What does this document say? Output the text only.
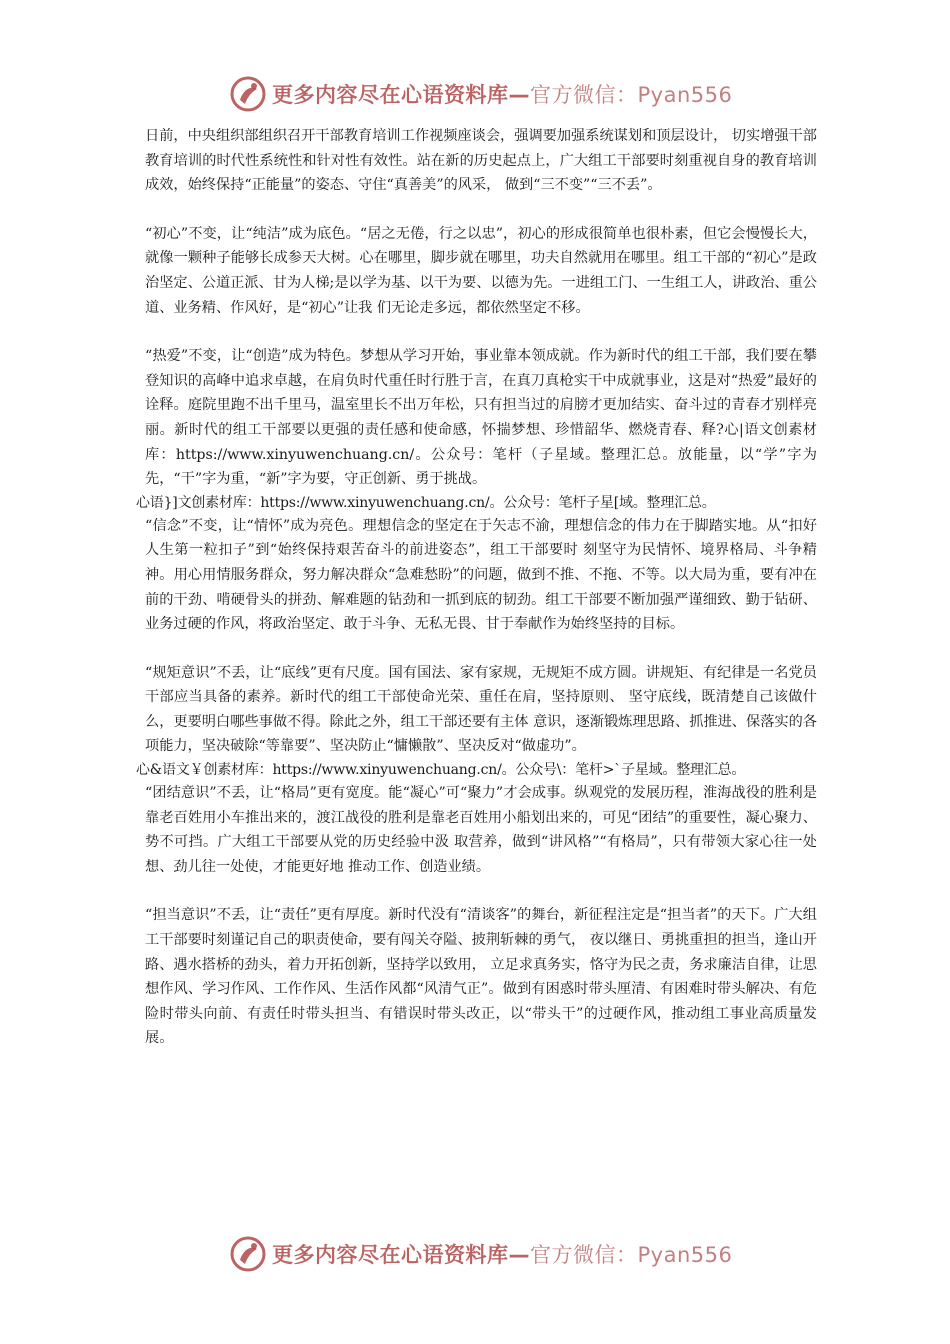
更多内容尽在心语资料库—官方微信：Pyan556

日前，中央组织部组织召开干部教育培训工作视频座谈会，强调要加强系统谋划和顶层设计， 切实增强干部教育培训的时代性系统性和针对性有效性。站在新的历史起点上，广大组工干部要时刻重视自身的教育培训成效，始终保持“正能量”的姿态、守住“真善美”的风采， 做到“三不变”“三不丢”。

“初心”不变，让“纯洁”成为底色。“居之无倦，行之以忠”，初心的形成很简单也很朴素，但它会慢慢长大，就像一颗种子能够长成参天大树。心在哪里，脚步就在哪里，功夫自然就用在哪里。组工干部的“初心”是政治坚定、公道正派、甘为人梯;是以学为基、以干为要、以德为先。一进组工门、一生组工人，讲政治、重公道、业务精、作风好，是“初心”让我 们无论走多远，都依然坚定不移。

“热爱”不变，让“创造”成为特色。梦想从学习开始，事业靠本领成就。作为新时代的组工干部，我们要在攀登知识的高峰中追求卓越，在肩负时代重任时行胜于言，在真刀真枪实干中成就事业，这是对“热爱”最好的诠释。庭院里跑不出千里马，温室里长不出万年松，只有担当过的肩膀才更加结实、奋斗过的青春才别样亮丽。新时代的组工干部要以更强的责任感和使命感，怀揣梦想、珍惜韶华、燃烧青春、释?心|语文创素材库：https://www.xinyuwenchuang.cn/。公众号：笔杆（子星域。整理汇总。放能量，以“学”字为先，“干”字为重，“新”字为要，守正创新、勇于挑战。

心语}]文创素材库：https://www.xinyuwenchuang.cn/。公众号：笔杆子星[域。整理汇总。

“信念”不变，让“情怀”成为亮色。理想信念的坚定在于矢志不渝，理想信念的伟力在于脚踏实地。从“扣好人生第一粒扣子”到“始终保持艰苦奋斗的前进姿态”，组工干部要时 刻坚守为民情怀、境界格局、斗争精神。用心用情服务群众，努力解决群众“急难愁盼”的问题，做到不推、不拖、不等。以大局为重，要有冲在前的干劲、啃硬骨头的拼劲、解难题的钻劲和一抓到底的韧劲。组工干部要不断加强严谨细致、勤于钻研、业务过硬的作风，将政治坚定、敢于斗争、无私无畏、甘于奉献作为始终坚持的目标。

“规矩意识”不丢，让“底线”更有尺度。国有国法、家有家规，无规矩不成方圆。讲规矩、有纪律是一名党员干部应当具备的素养。新时代的组工干部使命光荣、重任在肩，坚持原则、 坚守底线，既清楚自己该做什么，更要明白哪些事做不得。除此之外，组工干部还要有主体 意识，逐渐锻炼理思路、抓推进、保落实的各项能力，坚决破除“等靠要”、坚决防止“慵懒散”、坚决反对“做虚功”。

心&语文￥创素材库：https://www.xinyuwenchuang.cn/。公众号\：笔杆>`子星域。整理汇总。

“团结意识”不丢，让“格局”更有宽度。能“凝心”可“聚力”才会成事。纵观党的发展历程，淮海战役的胜利是靠老百姓用小车推出来的，渡江战役的胜利是靠老百姓用小船划出来的，可见“团结”的重要性，凝心聚力、势不可挡。广大组工干部要从党的历史经验中汲 取营养，做到“讲风格”“有格局”，只有带领大家心往一处想、劲儿往一处使，才能更好地 推动工作、创造业绩。

“担当意识”不丢，让“责任”更有厚度。新时代没有“清谈客”的舞台，新征程注定是“担当者”的天下。广大组工干部要时刻谨记自己的职责使命，要有闯关夺隘、披荆斩棘的勇气， 夜以继日、勇挑重担的担当，逢山开路、遇水搭桥的劲头，着力开拓创新，坚持学以致用， 立足求真务实，恪守为民之责，务求廉洁自律，让思想作风、学习作风、工作作风、生活作风都“风清气正”。做到有困惑时带头厘清、有困难时带头解决、有危险时带头向前、有责任时带头担当、有错误时带头改正，以“带头干”的过硬作风，推动组工事业高质量发展。

更多内容尽在心语资料库—官方微信：Pyan556
